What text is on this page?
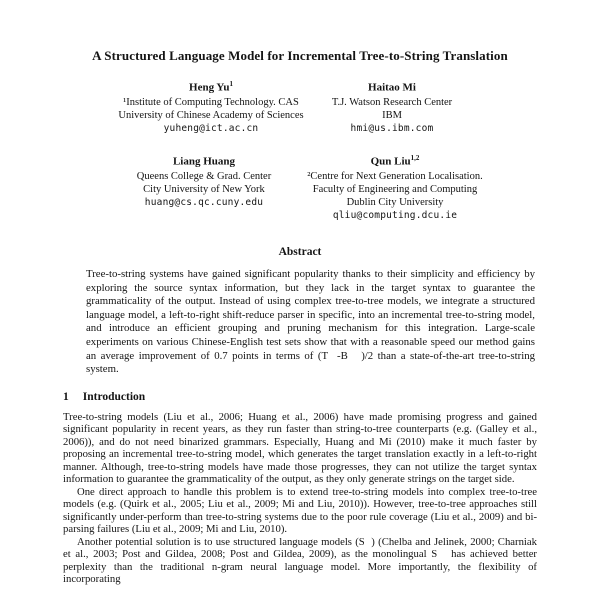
A Structured Language Model for Incremental Tree-to-String Translation
Heng Yu$^1$
¹Institute of Computing Technology. CAS
University of Chinese Academy of Sciences
yuheng@ict.ac.cn
Haitao Mi
T.J. Watson Research Center
IBM
hmi@us.ibm.com
Liang Huang
Queens College & Grad. Center
City University of New York
huang@cs.qc.cuny.edu
Qun Liu$^{1,2}$
²Centre for Next Generation Localisation.
Faculty of Engineering and Computing
Dublin City University
qliu@computing.dcu.ie
Abstract
Tree-to-string systems have gained significant popularity thanks to their simplicity and efficiency by exploring the source syntax information, but they lack in the target syntax to guarantee the grammaticality of the output. Instead of using complex tree-to-tree models, we integrate a structured language model, a left-to-right shift-reduce parser in specific, into an incremental tree-to-string model, and introduce an efficient grouping and pruning mechanism for this integration. Large-scale experiments on various Chinese-English test sets show that with a reasonable speed our method gains an average improvement of 0.7 points in terms of (T  -B   )/2 than a state-of-the-art tree-to-string system.
1 Introduction

Tree-to-string models (Liu et al., 2006; Huang et al., 2006) have made promising progress and gained significant popularity in recent years, as they run faster than string-to-tree counterparts (e.g. (Galley et al., 2006)), and do not need binarized grammars. Especially, Huang and Mi (2010) make it much faster by proposing an incremental tree-to-string model, which generates the target translation exactly in a left-to-right manner. Although, tree-to-string models have made those progresses, they can not utilize the target syntax information to guarantee the grammaticality of the output, as they only generate strings on the target side.

One direct approach to handle this problem is to extend tree-to-string models into complex tree-to-tree models (e.g. (Quirk et al., 2005; Liu et al., 2009; Mi and Liu, 2010)). However, tree-to-tree approaches still significantly under-perform than tree-to-string systems due to the poor rule coverage (Liu et al., 2009) and bi-parsing failures (Liu et al., 2009; Mi and Liu, 2010).

Another potential solution is to use structured language models (S  ) (Chelba and Jelinek, 2000; Charniak et al., 2003; Post and Gildea, 2008; Post and Gildea, 2009), as the monolingual S   has achieved better perplexity than the traditional n-gram neural language model. More importantly, the flexibility of incorporating
